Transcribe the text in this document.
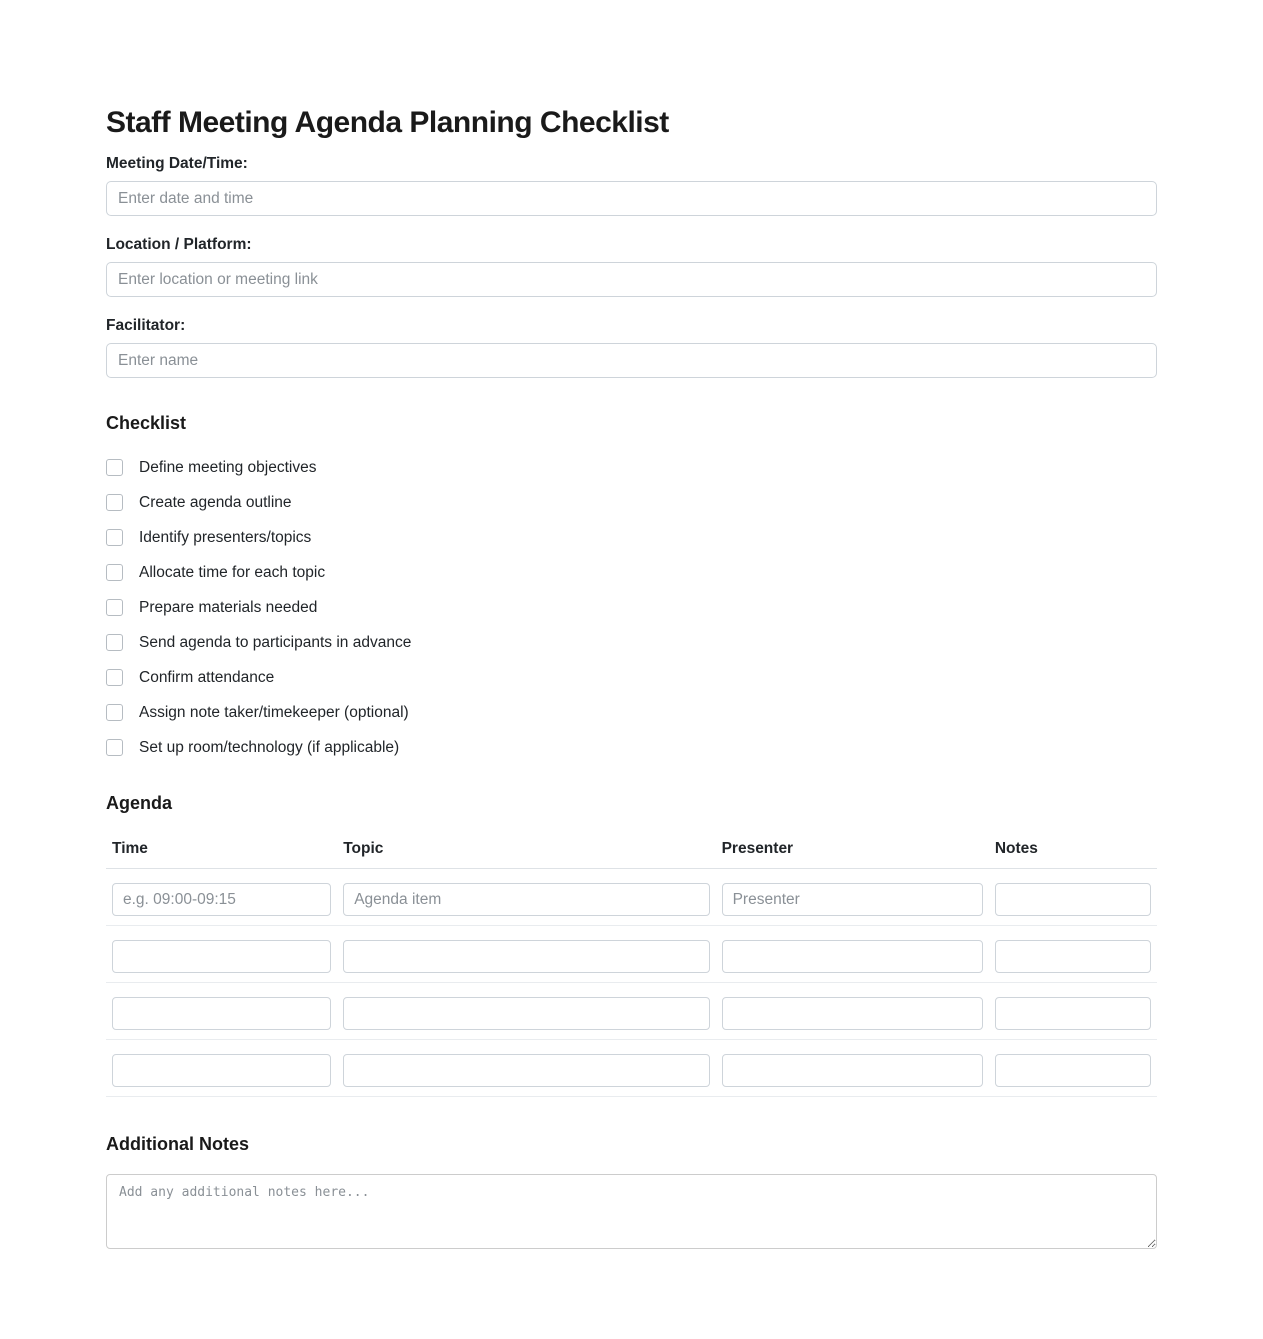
Staff Meeting Agenda Planning Checklist
Meeting Date/Time:
Enter date and time
Location / Platform:
Enter location or meeting link
Facilitator:
Enter name
Checklist
Define meeting objectives
Create agenda outline
Identify presenters/topics
Allocate time for each topic
Prepare materials needed
Send agenda to participants in advance
Confirm attendance
Assign note taker/timekeeper (optional)
Set up room/technology (if applicable)
Agenda
Time	Topic	Presenter	Notes
e.g. 09:00-09:15	Agenda item	Presenter	

Additional Notes
Add any additional notes here...
